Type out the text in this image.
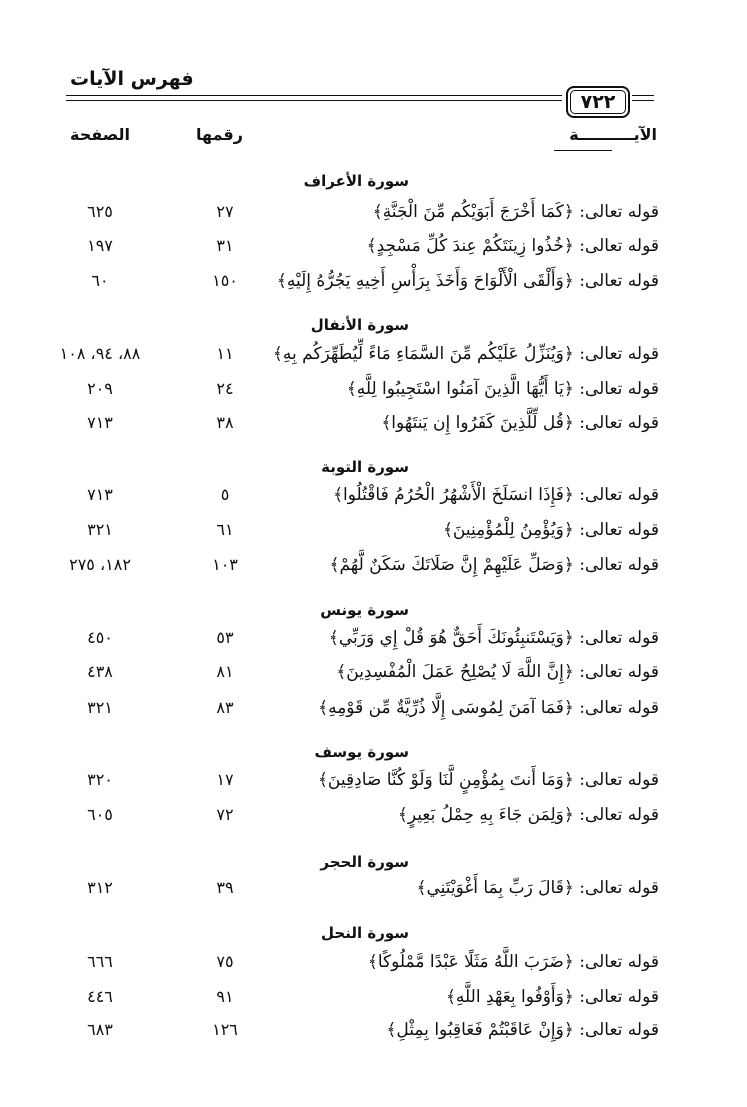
فهرس الآيات
٧٢٢
الصفحة	رقمها	الآيــــــــــة
سورة الأعراف
قوله تعالى: ﴿كَمَا أَخْرَجَ أَبَوَيْكُم مِّنَ الْجَنَّةِ﴾
٢٧
٦٢٥
قوله تعالى: ﴿خُذُوا زِينَتَكُمْ عِندَ كُلِّ مَسْجِدٍ﴾
٣١
١٩٧
قوله تعالى: ﴿وَأَلْقَى الْأَلْوَاحَ وَأَخَذَ بِرَأْسِ أَخِيهِ يَجُرُّهُ إِلَيْهِ﴾
١٥٠
٦٠
سورة الأنفال
قوله تعالى: ﴿وَيُنَزِّلُ عَلَيْكُم مِّنَ السَّمَاءِ مَاءً لِّيُطَهِّرَكُم بِهِ﴾
١١
٨٨، ٩٤، ١٠٨
قوله تعالى: ﴿يَا أَيُّهَا الَّذِينَ آمَنُوا اسْتَجِيبُوا لِلَّهِ﴾
٢٤
٢٠٩
قوله تعالى: ﴿قُل لِّلَّذِينَ كَفَرُوا إِن يَنتَهُوا﴾
٣٨
٧١٣
سورة التوبة
قوله تعالى: ﴿فَإِذَا انسَلَخَ الْأَشْهُرُ الْحُرُمُ فَاقْتُلُوا﴾
٥
٧١٣
قوله تعالى: ﴿وَيُؤْمِنُ لِلْمُؤْمِنِينَ﴾
٦١
٣٢١
قوله تعالى: ﴿وَصَلِّ عَلَيْهِمْ إِنَّ صَلَاتَكَ سَكَنٌ لَّهُمْ﴾
١٠٣
١٨٢، ٢٧٥
سورة يونس
قوله تعالى: ﴿وَيَسْتَنبِئُونَكَ أَحَقٌّ هُوَ قُلْ إِي وَرَبِّي﴾
٥٣
٤٥٠
قوله تعالى: ﴿إِنَّ اللَّهَ لَا يُصْلِحُ عَمَلَ الْمُفْسِدِينَ﴾
٨١
٤٣٨
قوله تعالى: ﴿فَمَا آمَنَ لِمُوسَى إِلَّا ذُرِّيَّةٌ مِّن قَوْمِهِ﴾
٨٣
٣٢١
سورة يوسف
قوله تعالى: ﴿وَمَا أَنتَ بِمُؤْمِنٍ لَّنَا وَلَوْ كُنَّا صَادِقِينَ﴾
١٧
٣٢٠
قوله تعالى: ﴿وَلِمَن جَاءَ بِهِ حِمْلُ بَعِيرٍ﴾
٧٢
٦٠٥
سورة الحجر
قوله تعالى: ﴿قَالَ رَبِّ بِمَا أَغْوَيْتَنِي﴾
٣٩
٣١٢
سورة النحل
قوله تعالى: ﴿ضَرَبَ اللَّهُ مَثَلًا عَبْدًا مَّمْلُوكًا﴾
٧٥
٦٦٦
قوله تعالى: ﴿وَأَوْفُوا بِعَهْدِ اللَّهِ﴾
٩١
٤٤٦
قوله تعالى: ﴿وَإِنْ عَاقَبْتُمْ فَعَاقِبُوا بِمِثْلِ﴾
١٢٦
٦٨٣
